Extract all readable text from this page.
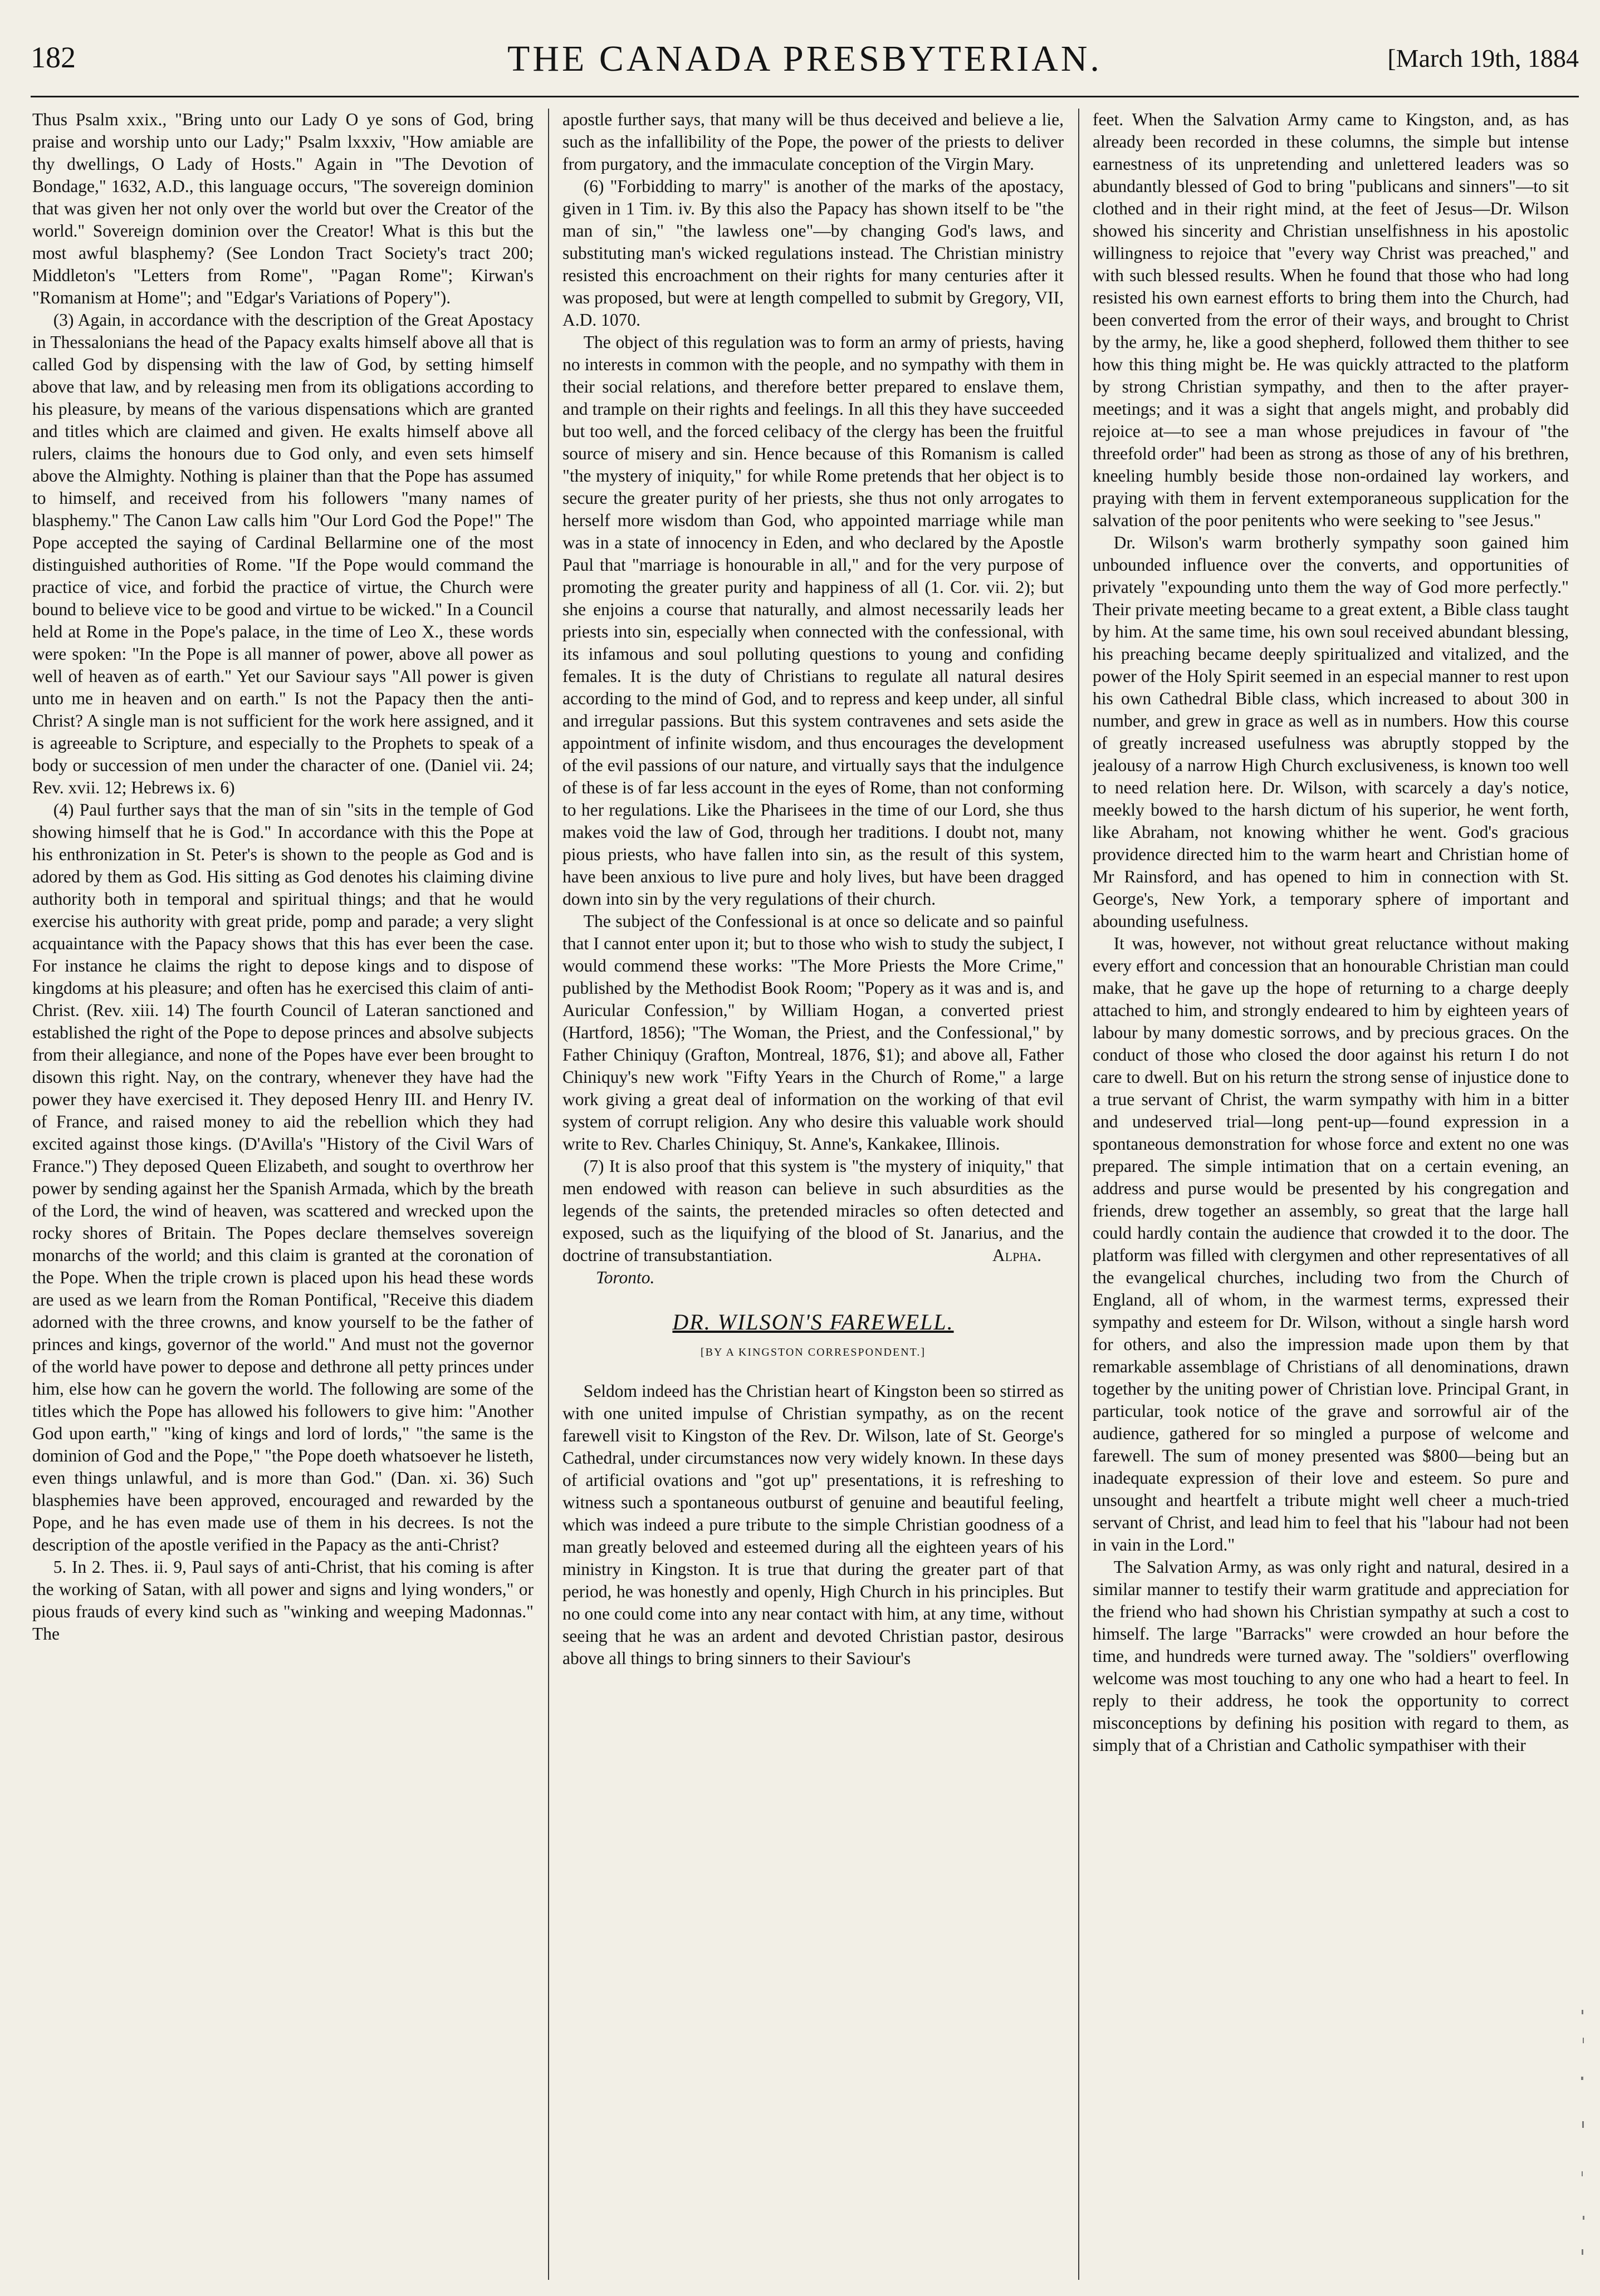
182	THE CANADA PRESBYTERIAN.	[March 19th, 1884

Thus Psalm xxix., "Bring unto our Lady O ye sons of God, bring praise and worship unto our Lady;" Psalm lxxxiv, "How amiable are thy dwellings, O Lady of Hosts." Again in "The Devotion of Bondage," 1632, A.D., this language occurs, "The sovereign dominion that was given her not only over the world but over the Creator of the world." Sovereign dominion over the Creator! What is this but the most awful blasphemy? (See London Tract Society's tract 200; Middleton's "Letters from Rome", "Pagan Rome"; Kirwan's "Romanism at Home"; and "Edgar's Variations of Popery").

(3) Again, in accordance with the description of the Great Apostacy in Thessalonians the head of the Papacy exalts himself above all that is called God by dispensing with the law of God, by setting himself above that law, and by releasing men from its obligations according to his pleasure, by means of the various dispensations which are granted and titles which are claimed and given. He exalts himself above all rulers, claims the honours due to God only, and even sets himself above the Almighty. Nothing is plainer than that the Pope has assumed to himself, and received from his followers "many names of blasphemy." The Canon Law calls him "Our Lord God the Pope!" The Pope accepted the saying of Cardinal Bellarmine one of the most distinguished authorities of Rome. "If the Pope would command the practice of vice, and forbid the practice of virtue, the Church were bound to believe vice to be good and virtue to be wicked." In a Council held at Rome in the Pope's palace, in the time of Leo X., these words were spoken: "In the Pope is all manner of power, above all power as well of heaven as of earth." Yet our Saviour says "All power is given unto me in heaven and on earth." Is not the Papacy then the anti-Christ? A single man is not sufficient for the work here assigned, and it is agreeable to Scripture, and especially to the Prophets to speak of a body or succession of men under the character of one. (Daniel vii. 24; Rev. xvii. 12; Hebrews ix. 6)

(4) Paul further says that the man of sin "sits in the temple of God showing himself that he is God." In accordance with this the Pope at his enthronization in St. Peter's is shown to the people as God and is adored by them as God. His sitting as God denotes his claiming divine authority both in temporal and spiritual things; and that he would exercise his authority with great pride, pomp and parade; a very slight acquaintance with the Papacy shows that this has ever been the case. For instance he claims the right to depose kings and to dispose of kingdoms at his pleasure; and often has he exercised this claim of anti-Christ. (Rev. xiii. 14) The fourth Council of Lateran sanctioned and established the right of the Pope to depose princes and absolve subjects from their allegiance, and none of the Popes have ever been brought to disown this right. Nay, on the contrary, whenever they have had the power they have exercised it. They deposed Henry III. and Henry IV. of France, and raised money to aid the rebellion which they had excited against those kings. (D'Avilla's "History of the Civil Wars of France.") They deposed Queen Elizabeth, and sought to overthrow her power by sending against her the Spanish Armada, which by the breath of the Lord, the wind of heaven, was scattered and wrecked upon the rocky shores of Britain. The Popes declare themselves sovereign monarchs of the world; and this claim is granted at the coronation of the Pope. When the triple crown is placed upon his head these words are used as we learn from the Roman Pontifical, "Receive this diadem adorned with the three crowns, and know yourself to be the father of princes and kings, governor of the world." And must not the governor of the world have power to depose and dethrone all petty princes under him, else how can he govern the world. The following are some of the titles which the Pope has allowed his followers to give him: "Another God upon earth," "king of kings and lord of lords," "the same is the dominion of God and the Pope," "the Pope doeth whatsoever he listeth, even things unlawful, and is more than God." (Dan. xi. 36) Such blasphemies have been approved, encouraged and rewarded by the Pope, and he has even made use of them in his decrees. Is not the description of the apostle verified in the Papacy as the anti-Christ?

5. In 2. Thes. ii. 9, Paul says of anti-Christ, that his coming is after the working of Satan, with all power and signs and lying wonders," or pious frauds of every kind such as "winking and weeping Madonnas." The

apostle further says, that many will be thus deceived and believe a lie, such as the infallibility of the Pope, the power of the priests to deliver from purgatory, and the immaculate conception of the Virgin Mary.

(6) "Forbidding to marry" is another of the marks of the apostacy, given in 1 Tim. iv. By this also the Papacy has shown itself to be "the man of sin," "the lawless one"—by changing God's laws, and substituting man's wicked regulations instead. The Christian ministry resisted this encroachment on their rights for many centuries after it was proposed, but were at length compelled to submit by Gregory, VII, A.D. 1070.

The object of this regulation was to form an army of priests, having no interests in common with the people, and no sympathy with them in their social relations, and therefore better prepared to enslave them, and trample on their rights and feelings. In all this they have succeeded but too well, and the forced celibacy of the clergy has been the fruitful source of misery and sin. Hence because of this Romanism is called "the mystery of iniquity," for while Rome pretends that her object is to secure the greater purity of her priests, she thus not only arrogates to herself more wisdom than God, who appointed marriage while man was in a state of innocency in Eden, and who declared by the Apostle Paul that "marriage is honourable in all," and for the very purpose of promoting the greater purity and happiness of all (1. Cor. vii. 2); but she enjoins a course that naturally, and almost necessarily leads her priests into sin, especially when connected with the confessional, with its infamous and soul polluting questions to young and confiding females. It is the duty of Christians to regulate all natural desires according to the mind of God, and to repress and keep under, all sinful and irregular passions. But this system contravenes and sets aside the appointment of infinite wisdom, and thus encourages the development of the evil passions of our nature, and virtually says that the indulgence of these is of far less account in the eyes of Rome, than not conforming to her regulations. Like the Pharisees in the time of our Lord, she thus makes void the law of God, through her traditions. I doubt not, many pious priests, who have fallen into sin, as the result of this system, have been anxious to live pure and holy lives, but have been dragged down into sin by the very regulations of their church.

The subject of the Confessional is at once so delicate and so painful that I cannot enter upon it; but to those who wish to study the subject, I would commend these works: "The More Priests the More Crime," published by the Methodist Book Room; "Popery as it was and is, and Auricular Confession," by William Hogan, a converted priest (Hartford, 1856); "The Woman, the Priest, and the Confessional," by Father Chiniquy (Grafton, Montreal, 1876, $1); and above all, Father Chiniquy's new work "Fifty Years in the Church of Rome," a large work giving a great deal of information on the working of that evil system of corrupt religion. Any who desire this valuable work should write to Rev. Charles Chiniquy, St. Anne's, Kankakee, Illinois.

(7) It is also proof that this system is "the mystery of iniquity," that men endowed with reason can believe in such absurdities as the legends of the saints, the pretended miracles so often detected and exposed, such as the liquifying of the blood of St. Janarius, and the doctrine of transubstantiation.	Alpha.
Toronto.
DR. WILSON'S FAREWELL.
[BY A KINGSTON CORRESPONDENT.]

Seldom indeed has the Christian heart of Kingston been so stirred as with one united impulse of Christian sympathy, as on the recent farewell visit to Kingston of the Rev. Dr. Wilson, late of St. George's Cathedral, under circumstances now very widely known. In these days of artificial ovations and "got up" presentations, it is refreshing to witness such a spontaneous outburst of genuine and beautiful feeling, which was indeed a pure tribute to the simple Christian goodness of a man greatly beloved and esteemed during all the eighteen years of his ministry in Kingston. It is true that during the greater part of that period, he was honestly and openly, High Church in his principles. But no one could come into any near contact with him, at any time, without seeing that he was an ardent and devoted Christian pastor, desirous above all things to bring sinners to their Saviour's

feet. When the Salvation Army came to Kingston, and, as has already been recorded in these columns, the simple but intense earnestness of its unpretending and unlettered leaders was so abundantly blessed of God to bring "publicans and sinners"—to sit clothed and in their right mind, at the feet of Jesus—Dr. Wilson showed his sincerity and Christian unselfishness in his apostolic willingness to rejoice that "every way Christ was preached," and with such blessed results. When he found that those who had long resisted his own earnest efforts to bring them into the Church, had been converted from the error of their ways, and brought to Christ by the army, he, like a good shepherd, followed them thither to see how this thing might be. He was quickly attracted to the platform by strong Christian sympathy, and then to the after prayer-meetings; and it was a sight that angels might, and probably did rejoice at—to see a man whose prejudices in favour of "the threefold order" had been as strong as those of any of his brethren, kneeling humbly beside those non-ordained lay workers, and praying with them in fervent extemporaneous supplication for the salvation of the poor penitents who were seeking to "see Jesus."

Dr. Wilson's warm brotherly sympathy soon gained him unbounded influence over the converts, and opportunities of privately "expounding unto them the way of God more perfectly." Their private meeting became to a great extent, a Bible class taught by him. At the same time, his own soul received abundant blessing, his preaching became deeply spiritualized and vitalized, and the power of the Holy Spirit seemed in an especial manner to rest upon his own Cathedral Bible class, which increased to about 300 in number, and grew in grace as well as in numbers. How this course of greatly increased usefulness was abruptly stopped by the jealousy of a narrow High Church exclusiveness, is known too well to need relation here. Dr. Wilson, with scarcely a day's notice, meekly bowed to the harsh dictum of his superior, he went forth, like Abraham, not knowing whither he went. God's gracious providence directed him to the warm heart and Christian home of Mr Rainsford, and has opened to him in connection with St. George's, New York, a temporary sphere of important and abounding usefulness.

It was, however, not without great reluctance without making every effort and concession that an honourable Christian man could make, that he gave up the hope of returning to a charge deeply attached to him, and strongly endeared to him by eighteen years of labour by many domestic sorrows, and by precious graces. On the conduct of those who closed the door against his return I do not care to dwell. But on his return the strong sense of injustice done to a true servant of Christ, the warm sympathy with him in a bitter and undeserved trial—long pent-up—found expression in a spontaneous demonstration for whose force and extent no one was prepared. The simple intimation that on a certain evening, an address and purse would be presented by his congregation and friends, drew together an assembly, so great that the large hall could hardly contain the audience that crowded it to the door. The platform was filled with clergymen and other representatives of all the evangelical churches, including two from the Church of England, all of whom, in the warmest terms, expressed their sympathy and esteem for Dr. Wilson, without a single harsh word for others, and also the impression made upon them by that remarkable assemblage of Christians of all denominations, drawn together by the uniting power of Christian love. Principal Grant, in particular, took notice of the grave and sorrowful air of the audience, gathered for so mingled a purpose of welcome and farewell. The sum of money presented was $800—being but an inadequate expression of their love and esteem. So pure and unsought and heartfelt a tribute might well cheer a much-tried servant of Christ, and lead him to feel that his "labour had not been in vain in the Lord."

The Salvation Army, as was only right and natural, desired in a similar manner to testify their warm gratitude and appreciation for the friend who had shown his Christian sympathy at such a cost to himself. The large "Barracks" were crowded an hour before the time, and hundreds were turned away. The "soldiers" overflowing welcome was most touching to any one who had a heart to feel. In reply to their address, he took the opportunity to correct misconceptions by defining his position with regard to them, as simply that of a Christian and Catholic sympathiser with their
